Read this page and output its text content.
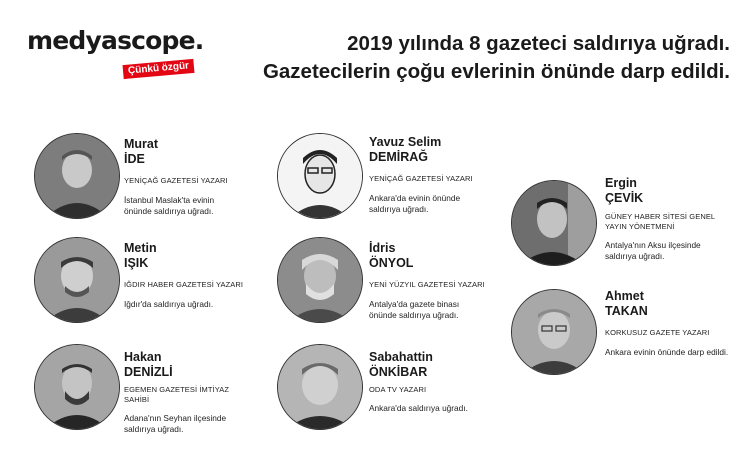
medyascope.
Çünkü özgür
2019 yılında 8 gazeteci saldırıya uğradı.
Gazetecilerin çoğu evlerinin önünde darp edildi.
Murat
İDE
YENİÇAĞ GAZETESİ YAZARI
İstanbul Maslak'ta evinin önünde saldırıya uğradı.
Metin
IŞIK
IĞDIR HABER GAZETESİ YAZARI
Iğdır'da saldırıya uğradı.
Hakan
DENİZLİ
EGEMEN GAZETESİ İMTİYAZ SAHİBİ
Adana'nın Seyhan ilçesinde saldırıya uğradı.
Yavuz Selim
DEMİRAĞ
YENİÇAĞ GAZETESİ YAZARI
Ankara'da evinin önünde saldırıya uğradı.
İdris
ÖNYOL
YENİ YÜZYIL GAZETESİ YAZARI
Antalya'da gazete binası önünde saldırıya uğradı.
Sabahattin
ÖNKİBAR
ODA TV YAZARI
Ankara'da saldırıya uğradı.
Ergin
ÇEVİK
GÜNEY HABER SİTESİ GENEL YAYIN YÖNETMENİ
Antalya'nın Aksu ilçesinde saldırıya uğradı.
Ahmet
TAKAN
KORKUSUZ GAZETE YAZARI
Ankara evinin önünde darp edildi.
